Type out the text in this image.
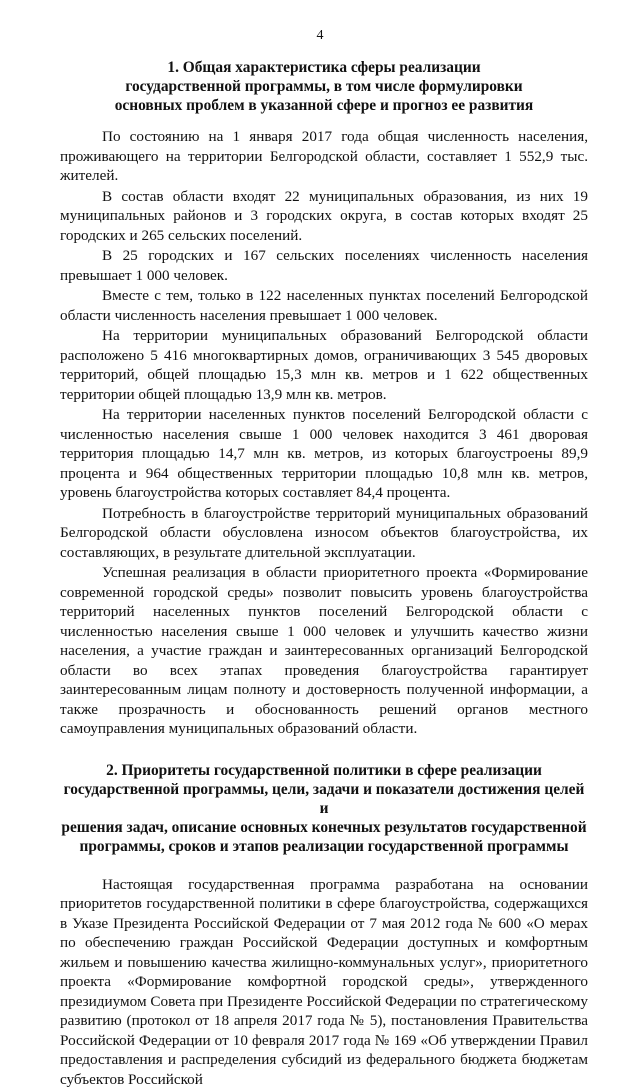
4
1. Общая характеристика сферы реализации
государственной программы, в том числе формулировки
основных проблем в указанной сфере и прогноз ее развития

По состоянию на 1 января 2017 года общая численность населения, проживающего на территории Белгородской области, составляет 1 552,9 тыс. жителей.

В состав области входят 22 муниципальных образования, из них 19 муниципальных районов и 3 городских округа, в состав которых входят 25 городских и 265 сельских поселений.

В 25 городских и 167 сельских поселениях численность населения превышает 1 000 человек.

Вместе с тем, только в 122 населенных пунктах поселений Белгородской области численность населения превышает 1 000 человек.

На территории муниципальных образований Белгородской области расположено 5 416 многоквартирных домов, ограничивающих 3 545 дворовых территорий, общей площадью 15,3 млн кв. метров и 1 622 общественных территории общей площадью 13,9 млн кв. метров.

На территории населенных пунктов поселений Белгородской области с численностью населения свыше 1 000 человек находится 3 461 дворовая территория площадью 14,7 млн кв. метров, из которых благоустроены 89,9 процента и 964 общественных территории площадью 10,8 млн кв. метров, уровень благоустройства которых составляет 84,4 процента.

Потребность в благоустройстве территорий муниципальных образований Белгородской области обусловлена износом объектов благоустройства, их составляющих, в результате длительной эксплуатации.

Успешная реализация в области приоритетного проекта «Формирование современной городской среды» позволит повысить уровень благоустройства территорий населенных пунктов поселений Белгородской области с численностью населения свыше 1 000 человек и улучшить качество жизни населения, а участие граждан и заинтересованных организаций Белгородской области во всех этапах проведения благоустройства гарантирует заинтересованным лицам полноту и достоверность полученной информации, а также прозрачность и обоснованность решений органов местного самоуправления муниципальных образований области.

2. Приоритеты государственной политики в сфере реализации
государственной программы, цели, задачи и показатели достижения целей и
решения задач, описание основных конечных результатов государственной
программы, сроков и этапов реализации государственной программы

Настоящая государственная программа разработана на основании приоритетов государственной политики в сфере благоустройства, содержащихся в Указе Президента Российской Федерации от 7 мая 2012 года № 600 «О мерах по обеспечению граждан Российской Федерации доступных и комфортным жильем и повышению качества жилищно-коммунальных услуг», приоритетного проекта «Формирование комфортной городской среды», утвержденного президиумом Совета при Президенте Российской Федерации по стратегическому развитию (протокол от 18 апреля 2017 года № 5), постановления Правительства Российской Федерации от 10 февраля 2017 года № 169 «Об утверждении Правил предоставления и распределения субсидий из федерального бюджета бюджетам субъектов Российской
